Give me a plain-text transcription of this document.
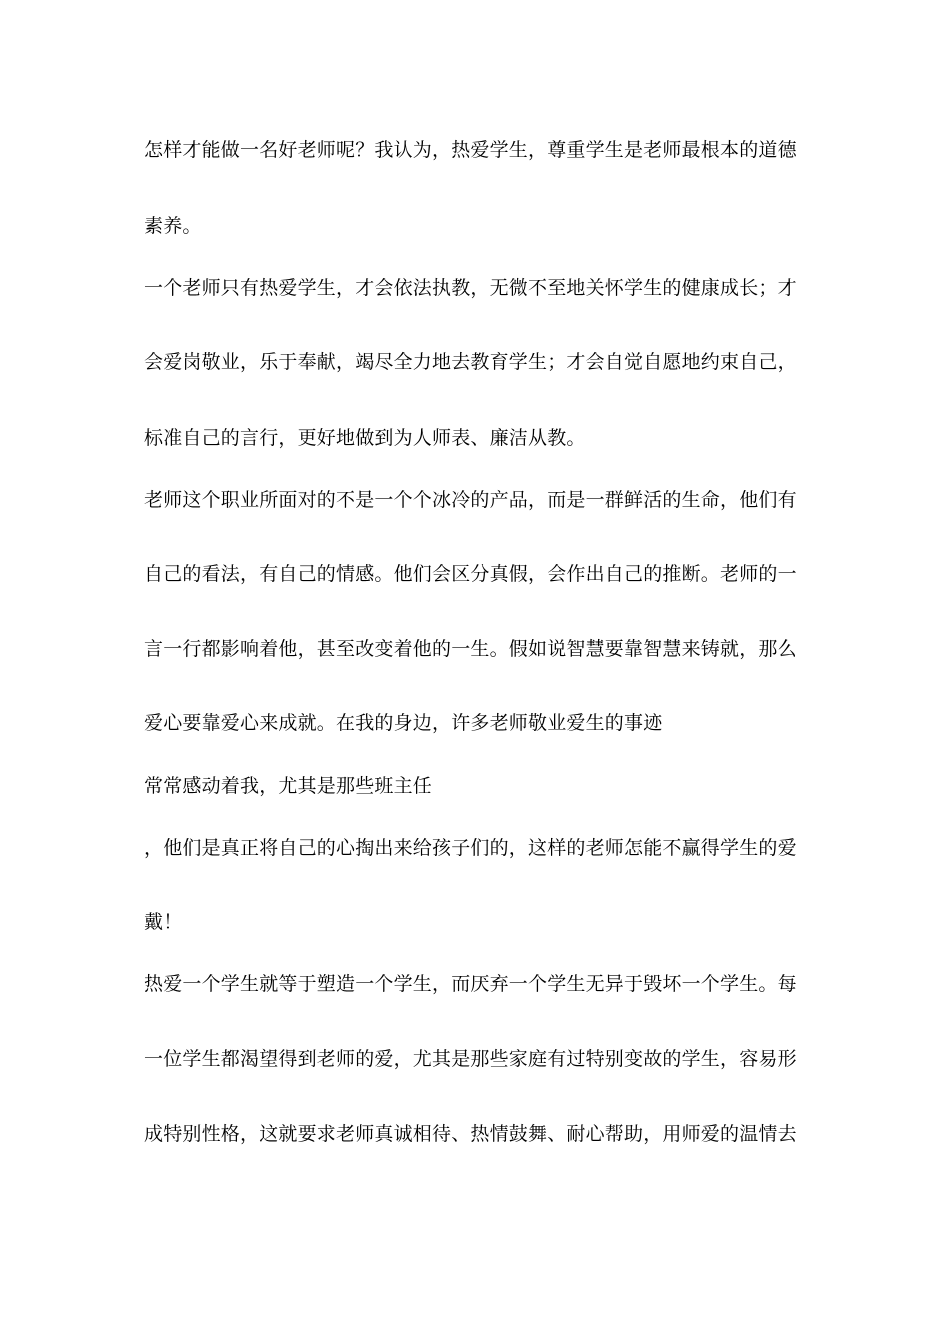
怎样才能做一名好老师呢？我认为，热爱学生，尊重学生是老师最根本的道德
素养。
一个老师只有热爱学生，才会依法执教，无微不至地关怀学生的健康成长；才
会爱岗敬业，乐于奉献，竭尽全力地去教育学生；才会自觉自愿地约束自己，
标准自己的言行，更好地做到为人师表、廉洁从教。
老师这个职业所面对的不是一个个冰冷的产品，而是一群鲜活的生命，他们有
自己的看法，有自己的情感。他们会区分真假，会作出自己的推断。老师的一
言一行都影响着他，甚至改变着他的一生。假如说智慧要靠智慧来铸就，那么
爱心要靠爱心来成就。在我的身边，许多老师敬业爱生的事迹
常常感动着我，尤其是那些班主任
，他们是真正将自己的心掏出来给孩子们的，这样的老师怎能不赢得学生的爱
戴！
热爱一个学生就等于塑造一个学生，而厌弃一个学生无异于毁坏一个学生。每
一位学生都渴望得到老师的爱，尤其是那些家庭有过特别变故的学生，容易形
成特别性格，这就要求老师真诚相待、热情鼓舞、耐心帮助，用师爱的温情去
